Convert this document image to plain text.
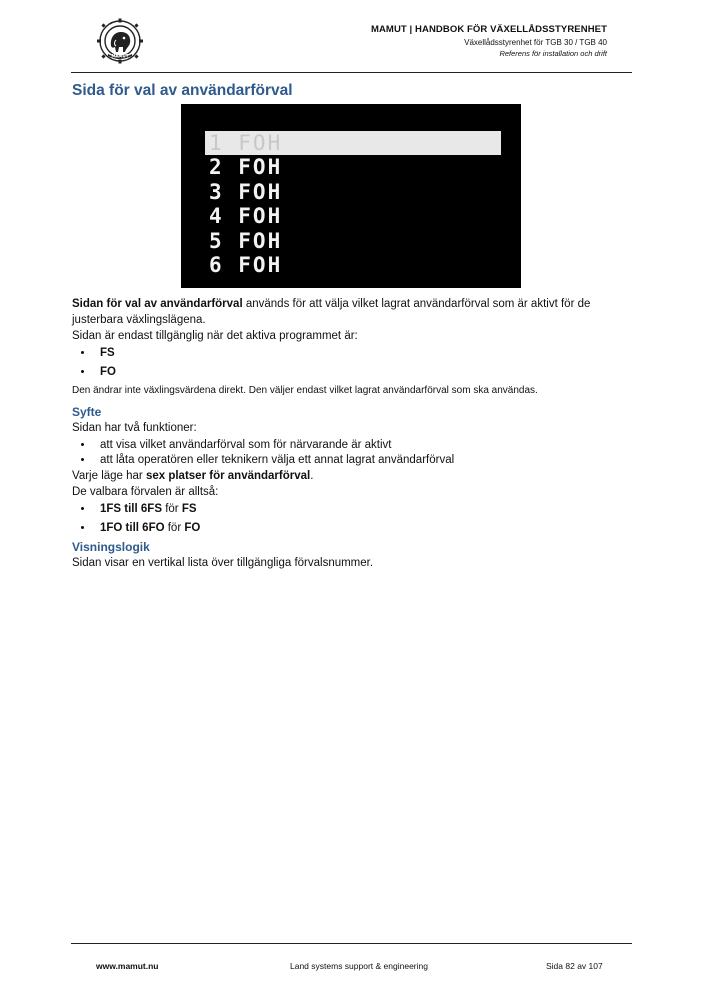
MAMUT
MAMUT | HANDBOK FÖR VÄXELLÅDSSTYRENHET
Växellådsstyrenhet för TGB 30 / TGB 40
Referens för installation och drift
Sida för val av användarförval
1 FOH
2 FOH
3 FOH
4 FOH
5 FOH
6 FOH

Sidan för val av användarförval används för att välja vilket lagrat användarförval som är aktivt för de justerbara växlingslägena.

Sidan är endast tillgänglig när det aktiva programmet är:

• FS
• FO

Den ändrar inte växlingsvärdena direkt. Den väljer endast vilket lagrat användarförval som ska användas.

Syfte

Sidan har två funktioner:

• att visa vilket användarförval som för närvarande är aktivt
• att låta operatören eller teknikern välja ett annat lagrat användarförval

Varje läge har sex platser för användarförval.

De valbara förvalen är alltså:

• 1FS till 6FS för FS
• 1FO till 6FO för FO
Visningslogik

Sidan visar en vertikal lista över tillgängliga förvalsnummer.

www.mamut.nu	Land systems support & engineering	Sida 82 av 107
